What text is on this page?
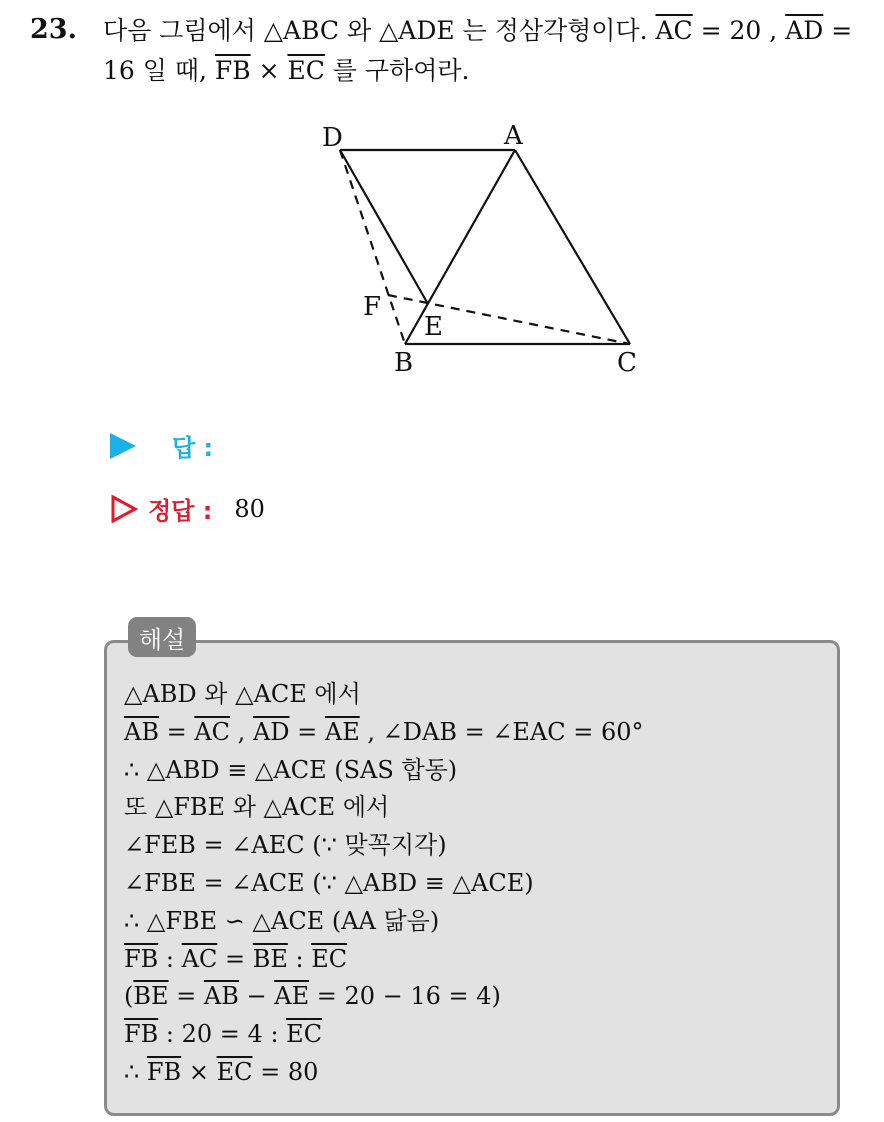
23. 다음 그림에서 △ABC 와 △ADE 는 정삼각형이다. $\overline{AC} = 20$ , $\overline{AD}$ =
16 일 때, $\overline{FB} \times \overline{EC}$ 를 구하여라.
D	A
F
E
B	C
답 :
정답 : 80
해설
△ABD 와 △ACE 에서
$\overline{AB} = \overline{AC}$ , $\overline{AD} = \overline{AE}$ , ∠DAB = ∠EAC = 60°
∴ △ABD ≡ △ACE (SAS 합동)
또 △FBE 와 △ACE 에서
∠FEB = ∠AEC (∵ 맞꼭지각)
∠FBE = ∠ACE (∵ △ABD ≡ △ACE)
∴ △FBE ∽ △ACE (AA 닮음)
$\overline{FB}$ : $\overline{AC} = \overline{BE}$ : $\overline{EC}$
$(\overline{BE} = \overline{AB} - \overline{AE} = 20 - 16 = 4)$
$\overline{FB}$ : 20 = 4 : $\overline{EC}$
∴ $\overline{FB} \times \overline{EC} = 80$
